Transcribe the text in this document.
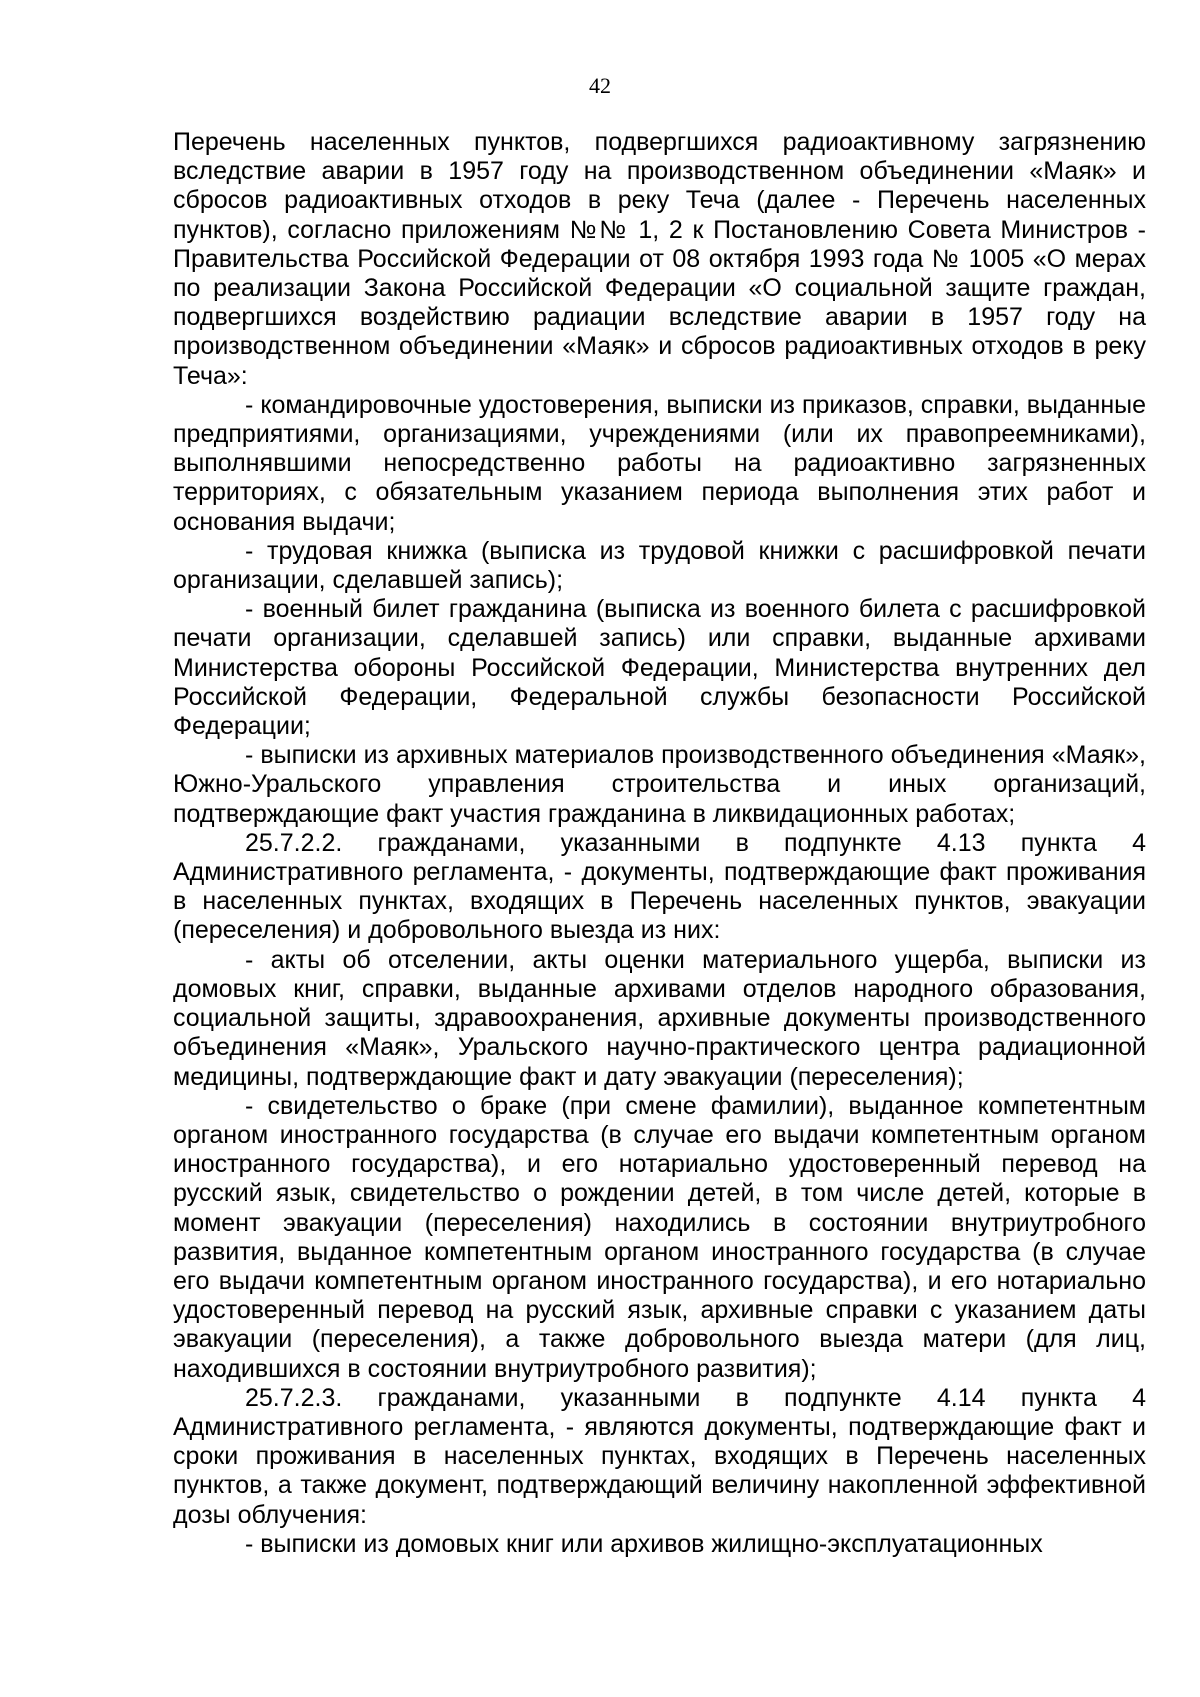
42

Перечень населенных пунктов, подвергшихся радиоактивному загрязнению вследствие аварии в 1957 году на производственном объединении «Маяк» и сбросов радиоактивных отходов в реку Теча (далее - Перечень населенных пунктов), согласно приложениям №№ 1, 2 к Постановлению Совета Министров - Правительства Российской Федерации от 08 октября 1993 года № 1005 «О мерах по реализации Закона Российской Федерации «О социальной защите граждан, подвергшихся воздействию радиации вследствие аварии в 1957 году на производственном объединении «Маяк» и сбросов радиоактивных отходов в реку Теча»:

- командировочные удостоверения, выписки из приказов, справки, выданные предприятиями, организациями, учреждениями (или их правопреемниками), выполнявшими непосредственно работы на радиоактивно загрязненных территориях, с обязательным указанием периода выполнения этих работ и основания выдачи;

- трудовая книжка (выписка из трудовой книжки с расшифровкой печати организации, сделавшей запись);

- военный билет гражданина (выписка из военного билета с расшифровкой печати организации, сделавшей запись) или справки, выданные архивами Министерства обороны Российской Федерации, Министерства внутренних дел Российской Федерации, Федеральной службы безопасности Российской Федерации;

- выписки из архивных материалов производственного объединения «Маяк», Южно-Уральского управления строительства и иных организаций, подтверждающие факт участия гражданина в ликвидационных работах;

25.7.2.2. гражданами, указанными в подпункте 4.13 пункта 4 Административного регламента, - документы, подтверждающие факт проживания в населенных пунктах, входящих в Перечень населенных пунктов, эвакуации (переселения) и добровольного выезда из них:

- акты об отселении, акты оценки материального ущерба, выписки из домовых книг, справки, выданные архивами отделов народного образования, социальной защиты, здравоохранения, архивные документы производственного объединения «Маяк», Уральского научно-практического центра радиационной медицины, подтверждающие факт и дату эвакуации (переселения);

- свидетельство о браке (при смене фамилии), выданное компетентным органом иностранного государства (в случае его выдачи компетентным органом иностранного государства), и его нотариально удостоверенный перевод на русский язык, свидетельство о рождении детей, в том числе детей, которые в момент эвакуации (переселения) находились в состоянии внутриутробного развития, выданное компетентным органом иностранного государства (в случае его выдачи компетентным органом иностранного государства), и его нотариально удостоверенный перевод на русский язык, архивные справки с указанием даты эвакуации (переселения), а также добровольного выезда матери (для лиц, находившихся в состоянии внутриутробного развития);

25.7.2.3. гражданами, указанными в подпункте 4.14 пункта 4 Административного регламента, - являются документы, подтверждающие факт и сроки проживания в населенных пунктах, входящих в Перечень населенных пунктов, а также документ, подтверждающий величину накопленной эффективной дозы облучения:

- выписки из домовых книг или архивов жилищно-эксплуатационных
